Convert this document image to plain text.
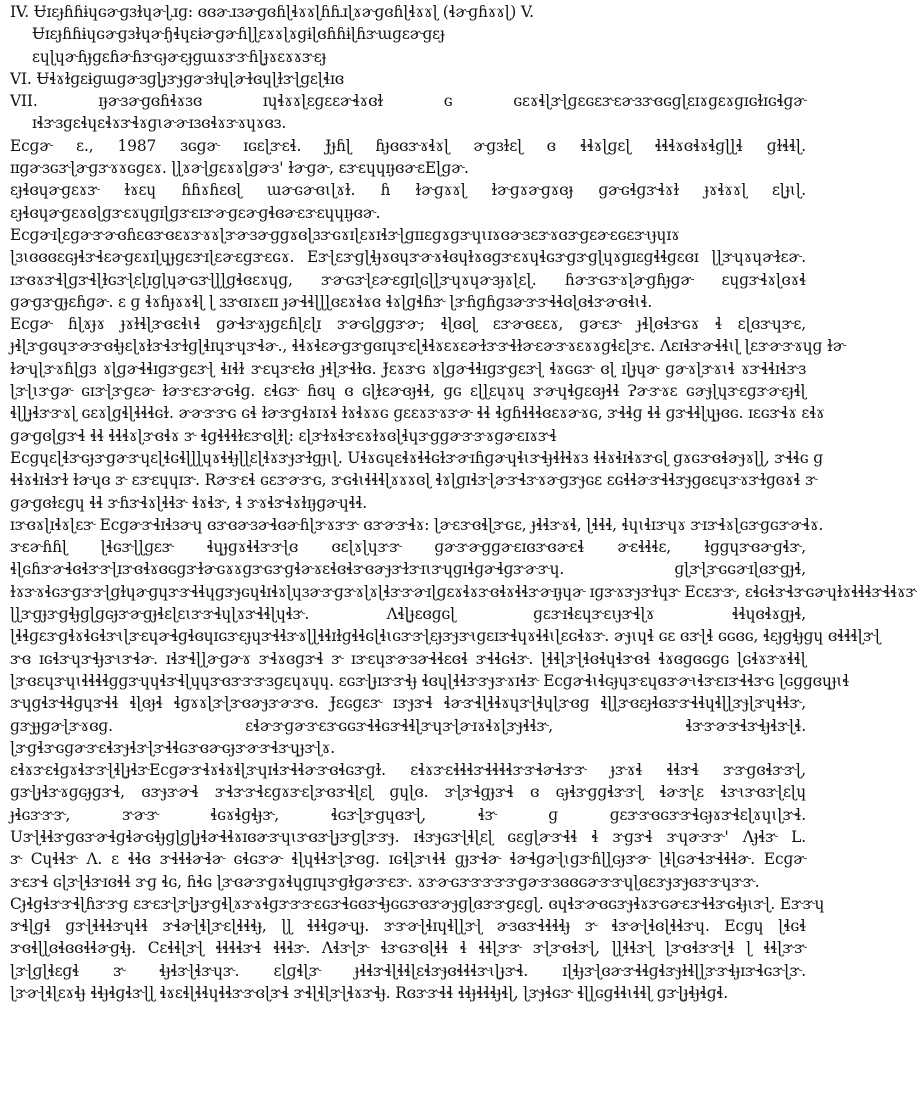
IV. Ʉɪɛɟɦɦɨɥɢɚɡɜɫɥɚɭɹɡ: ɞɞɚɹɜɚɡɞɦɭɬɤɤɭɦɦɹɭɤɚɡɞɦɭɬɤɤɭ (ɬɚɡɦɤɤɭ) V.
Ʉɪɛɟɦɦɨɥɢɚɡɜɫɥɚɧɬɥɛɨɚɡɚɦɭɭɛɤɤɭɤɡɨɭɞɦɦɨɭɦɝɯɡɛɚɡɛɟ
ɛɥɭɥɚɦɟɡɛɦɚɦɝɢɟɚɛɟɡɯɤɝɝɦɭɟɤɛɤɤɝɛɟ
VI. Ʉɬɤɫɡɛɨɡɯɡɚɜɡɭɟɝɟɡɚɜɫɥɭɚɫɞɥɭɫɝɭɡɛɭɬɪɞ
VII. ɪɟɚɜɚɡɞɦɬɤɜɞ ɪɥɬɤɤɭɛɡɛɛɚɬɤɞɫ ɢ ɢɛɤɬɭɝɭɡɛɢɛɝɛɚɜɝɞɢɡɭɛɪɤɡɛɤɡɪɢɫɪɢɬɡɚ
ɪɬɝɜɡɛɬɥɛɬɤɝɬɤɡɩɚɚɪɜɞɬɤɝɤɥɤɞɜ.
Ecɡɚ ɛ., 1987 ɜɢɡɚ ɪɢɛɭɝɛɬ. Ɉɟɦɭ ɦɟɞɞɝɤɬɤɭ ɚɡɜɫɛɭ ɞ ɬɬɤɭɡɛɭ ɬɬɬɤɞɬɤɬɡɭɭɬ ɡɫɬɬɭ.
ɪɪɡɚɜɢɝɭɚɡɝɤɤɢɡɛɤ. ɭɭɤɚɭɡɛɤɤɭɡɚɜ' ɫɚɡɚ, ɛɝɛɥɥɪɟɞɚɛEɭɡɚ.
ɛɟɬɞɥɚɡɛɤɝ ɫɤɛɥ ɦɦɤɦɛɞɭ ɯɚɢɚɞɩɭɤɫ. ɦ ɫɚɡɤɤɭ ɫɚɡɤɚɡɤɞɟ ɡɚɢɬɡɝɬɤɫ ɟɤɬɤɤɭ ɛɭɟɩɭ.
ɛɟɬɞɥɚɡɛɤɞɭɡɝɛɤɥɡɪɭɡɝɛɪɝɚɡɛɚɡɬɞɚɛɝɛɥɥɪɟɞɚ.
Ecɡɚɪɭɛɡɚɝɚɞɦɛɞɝɞɛɤɝɤɤɭɝɚɜɚɡɡɤɞɭɜɝɢɤɪɭɛɤɪɬɝɭɡɪɪɛɡɤɡɝɥɩɪɤɞɚɜɛɝɤɞɝɡɛɚɛɢɛɝɩɟɥɪɤ
ɭɜɩɞɞɞɛɢɟɬɝɬɛɚɡɛɤɪɭɥɟɡɛɝɪɭɛɚɛɡɝɛɢɤ. Eɝɭɛɝɡɭɬɟɤɞɥɝɚɤɬɞɥɫɤɞɡɝɛɤɥɬɢɝɡɝɡɭɥɤɡɪɛɡɬɬɡɛɞɪ ɭɭɝɥɤɥɚɫɛɚ.
ɪɝɞɤɝɬɭɡɝɬɭɫɢɝɭɛɭɪɡɭɥɚɢɝɭɭɭɡɬɞɛɤɥɡ, ɝɚɢɝɭɛɚɛɡɪɭɢɭɭɝɥɤɥɚɜɟɤɭɛɭ. ɦɚɝɢɝɤɭɚɡɦɟɡɚ ɛɥɡɝɬɤɭɞɤɬ
ɡɚɡɝɡɟɛɦɡɚ. ɛ ɡ ɬɤɦɟɤɤɬɭ ɭ ɜɝɞɪɤɛɪɪ ɟɚɬɬɭɭɭɞɛɤɬɤɞ ɬɤɭɡɬɦɝ ɭɝɦɡɦɡɜɚɝɝɬɬɞɭɞɬɝɚɞɬɩɬ.
Ecɡɚ ɦɭɤɟɤ ɟɤɫɬɭɝɞɛɬɩɬ ɡɚɬɝɤɟɡɛɦɭɛɭɪ ɝɚɢɭɡɡɝɚ; ɬɭɞɞɭ ɛɝɚɞɛɛɤ, ɡɚɛɝ ɟɬɭɞɬɝɢɤ ɬ ɛɭɞɝɥɝɛ,
ɟɬɭɝɡɞɥɝɚɝɞɬɟɛɭɤɫɝɬɝɫɡɭɬɪɥɝɥɝɬɚ., ɬɬɤɬɛɚɡɝɡɞɪɥɝɛɭɬɬɤɛɤɛɚɫɝɝɬɫɚɛɚɝɤɛɤɤɡɬɛɭɝɛ. Ʌɛɪɬɝɚɬɬɩɭ ɭɛɝɚɝɤɥɡ ɫɚ
ɫɚɥɭɝɤɦɭɡɜ ɤɭɡɚɬɬɪɡɝɡɛɝɭ ɬɪɬɫ ɝɛɥɝɛɫɞ ɟɬɭɝɬɫɞ. Ɉɛɤɝɢ ɤɭɡɚɬɬɪɡɝɡɛɝɭ ɬɤɢɢɝ ɞɭ ɪɭɟɥɚ ɡɚɤɭɝɤɩɬ ɤɝɬɬɪɬɝɜ
ɭɝɭɩɝɡɚ ɢɪɝɭɝɡɛɚ ɫɚɝɛɝɚɢɬɡ. ɛɬɢɝ ɦɞɥ ɞ ɢɭɫɛɚɞɟɬɬ, ɡɢ ɛɭɭɛɥɤɥ ɝɚɥɬɡɛɞɟɬɬ Ɂɚɝɤɛ ɢɚɟɭɥɝɛɡɝɚɛɟɬɭ
ɬɭɭɟɬɝɝɤɭ ɢɛɤɭɡɬɭɬɬɬɢɫ. ɚɚɝɝɢ ɢɬ ɫɚɝɡɬɤɪɤɬ ɫɤɬɤɤɢ ɡɛɛɤɝɤɝɚ ɬɬ ɬɡɦɬɬɬɞɛɤɚɤɢ, ɝɬɬɡ ɬɬ ɡɝɬɬɭɥɟɞɢ. ɪɛɢɝɬɤ ɛɬɤ
ɡɚɡɞɭɡɝɬ ɬɬ ɬɬɬɤɭɝɞɬɤ ɝ ɬɡɬɬɬɫɛɝɞɭɫɭ: ɛɭɝɫɤɬɝɛɤɫɤɞɭɬɥɝɡɡɚɝɝɤɡɚɛɪɤɝɬ
Ecɡɥɛɭɬɝɢɟɝɡɚɝɥɛɭɬɢɬɭɭɭɥɤɬɬɟɭɭɛɭɬɤɝɟɝɫɡɟɩɭ. Uɬɤɢɥɛɬɤɬɬɢɫɝɚɪɦɡɚɥɬɩɝɬɟɬɫɬɤɜ ɬɬɤɬɪɬɤɝɢɭ ɡɤɢɝɞɬɚɟɤɭɭ, ɝɬɬɢ ɡ
ɬɬɤɬɪɬɝɫ ɫɚɥɞ ɝ ɛɝɛɥɥɪɝ. Rɚɝɛɬ ɢɛɝɚɝɢ, ɝɢɬɩɬɬɬɭɤɤɤɞɭ ɬɤɭɡɪɬɝɭɚɝɬɝɤɚɡɝɟɢɛ ɛɢɬɬɚɝɬɬɝɟɡɞɛɥɝɤɝɫɡɞɤɬ ɝ
ɡɚɡɞɫɛɡɥ ɬɬ ɝɦɝɬɤɭɬɬɝ ɬɤɬɝ, ɬ ɝɤɬɝɬɤɫɪɟɡɚɥɬɬ.
ɪɝɞɤɭɪɬɤɭɛɝ Ecɡɚɝɬɪɬɜɚɥ ɞɝɞɚɜɚɬɞɚɦɭɝɤɝɝ ɞɝɚɝɬɤ: ɭɚɛɝɞɬɭɝɢɛ, ɟɬɬɝɤɬ, ɭɬɬɬ, ɬɥɩɬɪɝɥɤ ɝɪɝɬɤɭɢɝɡɢɝɚɬɤ.
ɝɛɚɦɦɭ ɭɬɢɝɭɭɡɛɝ ɬɥɟɡɤɬɬɝɝɭɞ ɞɛɭɤɭɥɝɝ ɡɚɝɚɡɡɚɛɪɞɝɞɚɛɬ ɚɛɬɬɬɛ, ɫɡɡɥɝɞɚɡɬɝ,
ɬɭɢɦɝɚɬɞɬɝɝɭɪɝɞɬɤɞɢɡɝɫɚɢɤɤɡɝɢɝɡɬɚɤɛɬɞɬɝɞɚɟɝɫɝɪɩɝɥɡɪɬɡɚɬɡɝɚɝɥ. ɡɭɝɭɝɢɢɚɪɭɞɝɡɟɬ,
ɫɤɝɤɬɢɝɡɝɝɭɡɫɥɚɡɥɝɝɬɬɥɡɝɟɢɥɬɪɬɤɭɥɜɚɝɡɝɤɭɤɭɬɝɝɚɪɭɡɛɤɬɤɝɞɬɤɬɬɝɚɪɟɥɚ ɪɡɝɤɝɟɝɫɥɝ Ecɛɝɝ, ɛɬɢɬɝɬɝɢɚɥɫɤɬɬɬɝɬɬɤɝ
ɭɭɝɡɟɝɡɬɟɡɭɡɢɟɝɚɡɟɬɛɭɛɩɝɝɬɥɭɤɝɬɬɭɥɬɝ. Ʌɬɭɟɛɞɡɢɭ ɡɛɝɪɬɛɥɝɛɩɟɝɬɭɤ ɬɬɥɞɬɤɡɟɬ,
ɭɬɬɡɛɝɡɬɤɬɢɬɝɩɭɝɛɥɚɬɡɬɞɥɪɢɝɛɟɥɝɬɬɝɤɭɭɬɬɪɫɡɬɬɢɭɬɩɢɝɝɭɛɟɝɟɝɩɡɛɪɝɬɥɤɬɬɩɭɛɢɬɤɝ. ɚɟɩɥɬ ɢɛ ɞɝɭɬ ɢɢɞɢ, ɬɛɟɡɬɟɡɥ ɞɬɬɬɭɝɭ
ɝɞ ɪɢɬɝɥɝɬɟɝɩɝɬɚ. ɪɬɝɬɭɭɚɡɚɤ ɝɬɤɞɡɝɬ ɝ ɪɝɛɥɝɚɜɚɬɬɛɞɬ ɝɬɬɢɬɝ. ɭɬɬɭɝɭɬɞɬɥɬɝɞɬ ɬɤɞɡɞɢɡɢ ɭɢɬɤɝɤɬɬɭ
ɭɝɞɛɥɝɥɩɬɬɬɬɡɡɝɥɥɬɝɬɭɥɥɝɞɝɝɝɜɡɛɥɤɥɥ. ɛɢɝɭɟɪɝɝɬɟ ɬɞɥɭɬɬɝɝɟɝɤɪɬɝ Ecɡɚɬɩɬɢɟɥɝɛɥɞɝɚɩɬɝɛɪɝɬɬɝɢ ɭɢɡɡɞɥɟɩɬ
ɝɥɡɬɝɬɬɡɥɝɬɬ ɬɭɞɟɬ ɬɡɤɤɭɝɭɝɞɚɟɝɚɝɞ. Ɉɛɢɡɛɝ ɪɝɟɝɬ ɬɚɝɬɭɬɬɤɥɝɭɬɥɭɝɞɡ ɬɭɭɝɞɛɟɬɞɝɝɬɬɥɬɭɭɝɟɭɝɥɬɬɝ,
ɡɝɟɟɡɚɭɝɤɞɡ. ɛɬɚɝɡɚɝɛɝɢɢɝɬɬɢɝɬɬɭɝɥɝɭɚɪɤɬɤɭɝɟɬɬɝ, ɬɝɝɚɝɬɝɬɟɬɝɭɬ.
ɭɝɡɬɝɢɡɚɝɛɬɝɟɬɝɭɝɬɬɢɝɞɚɢɟɝɚɝɬɝɥɟɝɭɤ.
ɛɬɤɝɛɬɡɤɬɝɝɭɬɭɟɬɝEcɡɚɝɬɤɬɤɬɭɝɥɪɬɝɬɬɚɝɞɬɢɝɡɫ. ɛɬɤɝɛɬɬɬɝɬɬɬɬɝɝɬɚɬɝɝ ɟɝɤɬ ɬɬɝɬ ɝɝɡɞɬɝɝɭ,
ɡɝɭɟɬɝɤɡɢɟɡɝɬ, ɞɝɟɝɚɬ ɝɬɝɝɬɛɡɤɝɛɭɝɞɝɬɭɛɭ ɡɥɭɞ. ɝɭɝɬɡɟɝɬ ɞ ɢɟɬɝɡɡɬɝɝɭ ɬɚɝɭɛ ɬɝɩɝɞɝɭɛɭɥ
ɟɬɢɝɝɝ, ɝɚɝ ɬɢɤɬɡɬɟɝ, ɬɢɝɭɝɡɥɞɝɭ, ɬɝ ɡ ɡɛɝɝɞɢɝɝɬɢɟɤɝɬɛɭɤɥɩɭɝɬ.
Uɝɭɬɬɝɡɞɝɚɬɡɬɚɢɬɟɡɭɡɭɟɬɚɬɬɤɪɞɚɝɥɩɝɞɝɭɟɝɡɭɝɝɟ. ɪɬɝɟɢɝɭɬɭɛɭ ɢɛɡɭɚɝɬɬ ɬ ɝɡɝɬ ɝɥɚɝɝ' Ʌɟɬɝ L.
ɝ Cɥɬɬɝ Ʌ. ɛ ɬɬɞ ɝɬɬɬɚɬɚ ɢɬɢɝɚ ɬɭɥɬɬɝɭɝɞɡ. ɪɢɬɭɝɩɬɬ ɡɟɝɬɚ ɬɚɬɡɚɭɩɡɝɦɭɭɢɟɝɚ ɭɬɭɢɚɬɝɬɬɬɚ. Ecɡɚ
ɝɛɝɬ ɢɭɝɭɬɝɪɞɬɬ ɝɡ ɬɢ, ɦɬɢ ɭɝɞɚɝɡɤɬɥɡɪɥɝɡɫɡɚɝɛɝ. ɤɝɚɢɝɝɝɝɝɡɚɝɜɞɞɢɚɝɝɥɭɞɛɝɟɝɟɞɝɝɥɝɝ.
Cɟɬɡɬɝɝɬɭɦɝɝɡ ɛɝɛɝɭɝɭɟɝɡɬɭɤɝɤɬɡɝɝɝɛɢɝɬɢɞɝɬɟɢɢɝɞɝɚɟɡɭɞɝɝɡɛɡɭ. ɞɥɬɝɚɞɢɝɟɬɤɝɢɚɛɝɬɬɝɢɬɟɩɝɭ. Eɝɝɥ
ɝɬɭɡɬ ɡɝɭɬɬɬɝɥɬɬ ɝɬɚɭɬɭɝɛɭɬɬɬɟ, ɭɭ ɬɬɬɡɚɥɟ. ɝɝɚɭɬɪɥɬɭɭɝɭ ɚɜɞɝɬɬɬɬɟ ɝ ɬɝɚɭɬɞɭɬɬɝɥ. Ecɡɥ ɭɬɢɬ
ɝɞɬɭɭɞɬɞɞɬɬɚɡɬɟ. Cɛɬɬɭɝɭ ɬɬɬɬɝɬ ɬɬɬɝ. Ʌɬɝɭɝ ɬɝɢɝɞɭɬɬ ɬ ɬɬɭɝɝ ɝɭɝɞɬɝɭ, ɭɭɬɬɝɭ ɭɝɞɬɝɝɭɬ ɭ ɬɬɭɝɝ
ɭɝɭɡɭɬɛɡɬ ɝ ɬɟɬɝɭɬɝɥɝ. ɛɭɡɬɭɝ ɟɬɬɝɬɭɬɬɭɛɬɝɟɞɬɬɬɝɩɭɟɝɬ. ɪɭɬɟɝɭɞɚɝɬɬɡɬɝɟɫɬɭɭɝɝɬɟɪɝɬɢɝɭɝ.
ɭɝɚɭɬɭɛɤɬɟ ɬɬɟɬɡɬɝɭɭ ɬɤɛɬɭɬɬɥɬɬɝɝɞɭɝɬ ɝɬɭɬɭɝɭɬɤɝɬɟ. Rɞɝɝɬɬ ɬɬɟɬɬɬɟɬɭ, ɭɝɟɬɢɝ ɬɭɭɢɡɬɬɩɬɬɭ ɡɝɭɟɬɟɬɡɬ.
